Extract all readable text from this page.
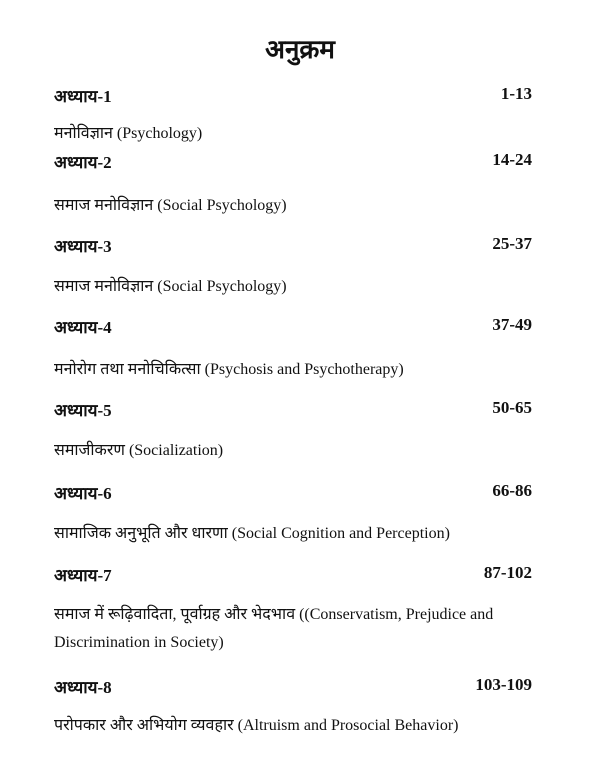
अनुक्रम
अध्याय-1	1-13
मनोविज्ञान (Psychology)
अध्याय-2	14-24
समाज मनोविज्ञान (Social Psychology)
अध्याय-3	25-37
समाज मनोविज्ञान (Social Psychology)
अध्याय-4	37-49
मनोरोग तथा मनोचिकित्सा (Psychosis and Psychotherapy)
अध्याय-5	50-65
समाजीकरण (Socialization)
अध्याय-6	66-86
सामाजिक अनुभूति और धारणा (Social Cognition and Perception)
अध्याय-7	87-102
समाज में रूढ़िवादिता, पूर्वाग्रह और भेदभाव ((Conservatism, Prejudice and Discrimination in Society)
अध्याय-8	103-109
परोपकार और अभियोग व्यवहार (Altruism and Prosocial Behavior)
